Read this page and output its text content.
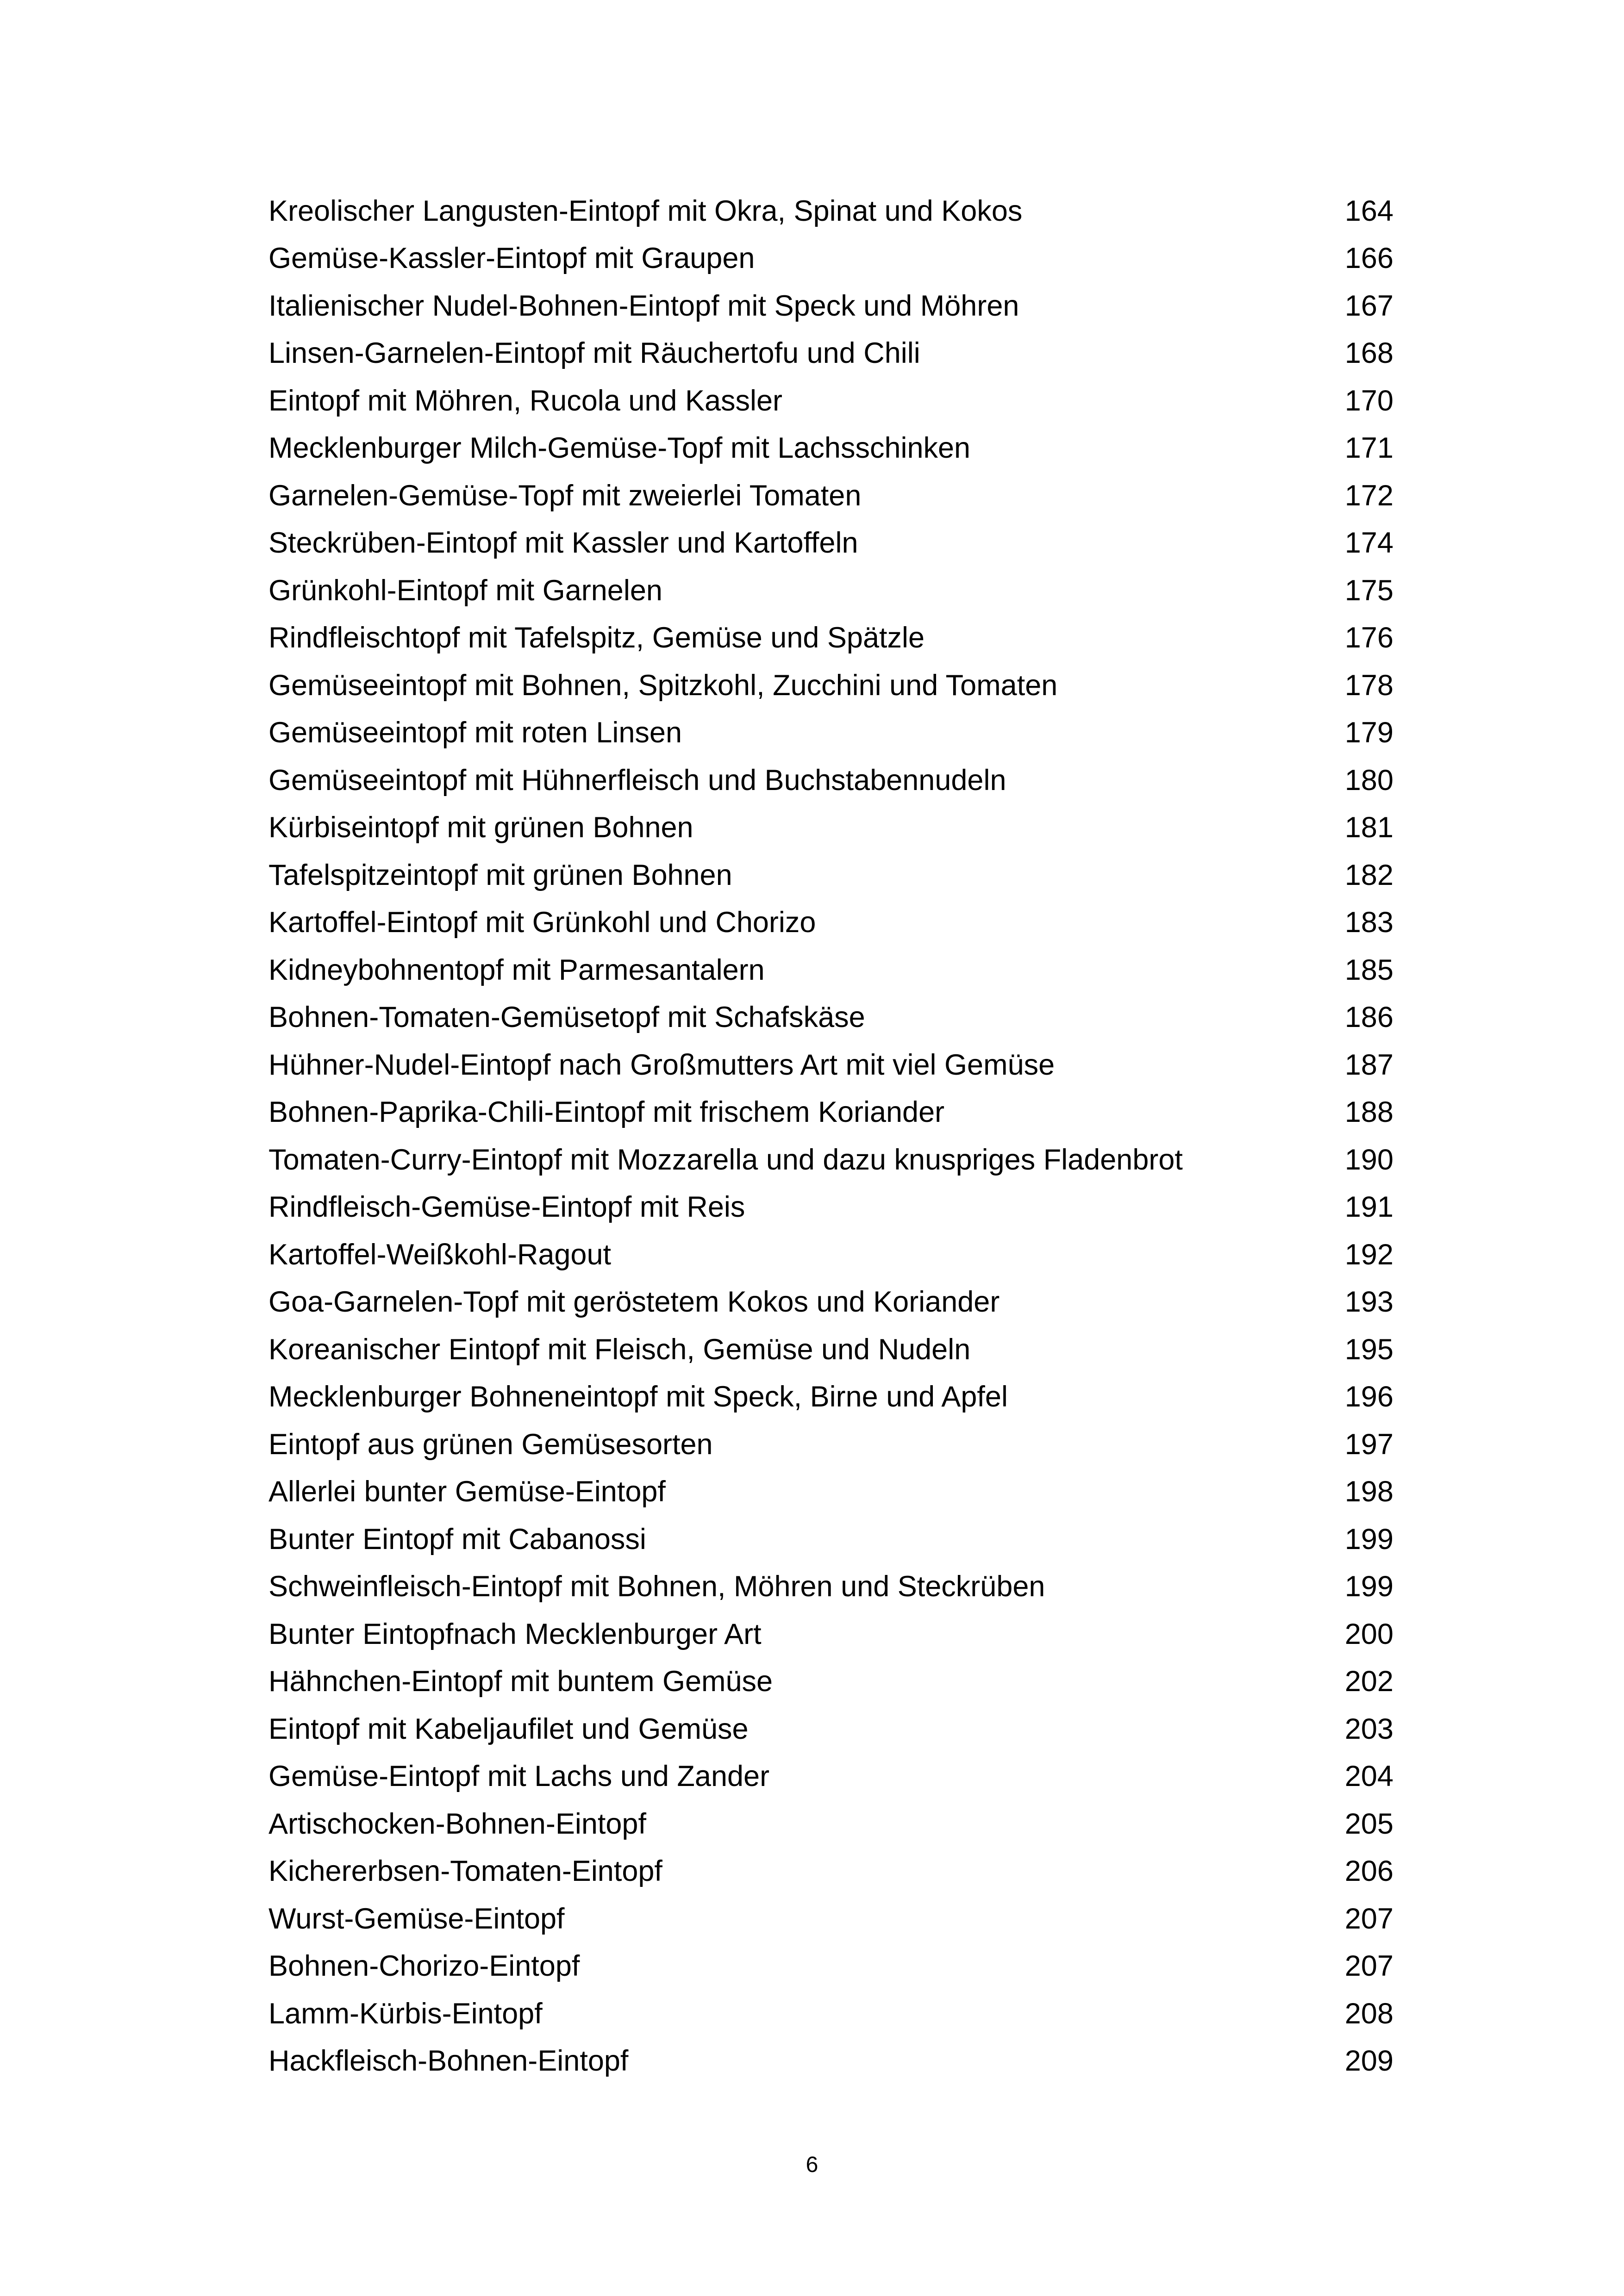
Kreolischer Langusten-Eintopf mit Okra, Spinat und Kokos	164
Gemüse-Kassler-Eintopf mit Graupen	166
Italienischer Nudel-Bohnen-Eintopf mit Speck und Möhren	167
Linsen-Garnelen-Eintopf mit Räuchertofu und Chili	168
Eintopf mit Möhren, Rucola und Kassler	170
Mecklenburger Milch-Gemüse-Topf mit Lachsschinken	171
Garnelen-Gemüse-Topf mit zweierlei Tomaten	172
Steckrüben-Eintopf mit Kassler und Kartoffeln	174
Grünkohl-Eintopf mit Garnelen	175
Rindfleischtopf mit Tafelspitz, Gemüse und Spätzle	176
Gemüseeintopf mit Bohnen, Spitzkohl, Zucchini und Tomaten	178
Gemüseeintopf mit roten Linsen	179
Gemüseeintopf mit Hühnerfleisch und Buchstabennudeln	180
Kürbiseintopf mit grünen Bohnen	181
Tafelspitzeintopf mit grünen Bohnen	182
Kartoffel-Eintopf mit Grünkohl und Chorizo	183
Kidneybohnentopf mit Parmesantalern	185
Bohnen-Tomaten-Gemüsetopf mit Schafskäse	186
Hühner-Nudel-Eintopf nach Großmutters Art mit viel Gemüse	187
Bohnen-Paprika-Chili-Eintopf mit frischem Koriander	188
Tomaten-Curry-Eintopf mit Mozzarella und dazu knuspriges Fladenbrot	190
Rindfleisch-Gemüse-Eintopf mit Reis	191
Kartoffel-Weißkohl-Ragout	192
Goa-Garnelen-Topf mit geröstetem Kokos und Koriander	193
Koreanischer Eintopf mit Fleisch, Gemüse und Nudeln	195
Mecklenburger Bohneneintopf mit Speck, Birne und Apfel	196
Eintopf aus grünen Gemüsesorten	197
Allerlei bunter Gemüse-Eintopf	198
Bunter Eintopf mit Cabanossi	199
Schweinfleisch-Eintopf mit Bohnen, Möhren und Steckrüben	199
Bunter Eintopfnach Mecklenburger Art	200
Hähnchen-Eintopf mit buntem Gemüse	202
Eintopf mit Kabeljaufilet und Gemüse	203
Gemüse-Eintopf mit Lachs und Zander	204
Artischocken-Bohnen-Eintopf	205
Kichererbsen-Tomaten-Eintopf	206
Wurst-Gemüse-Eintopf	207
Bohnen-Chorizo-Eintopf	207
Lamm-Kürbis-Eintopf	208
Hackfleisch-Bohnen-Eintopf	209
6
